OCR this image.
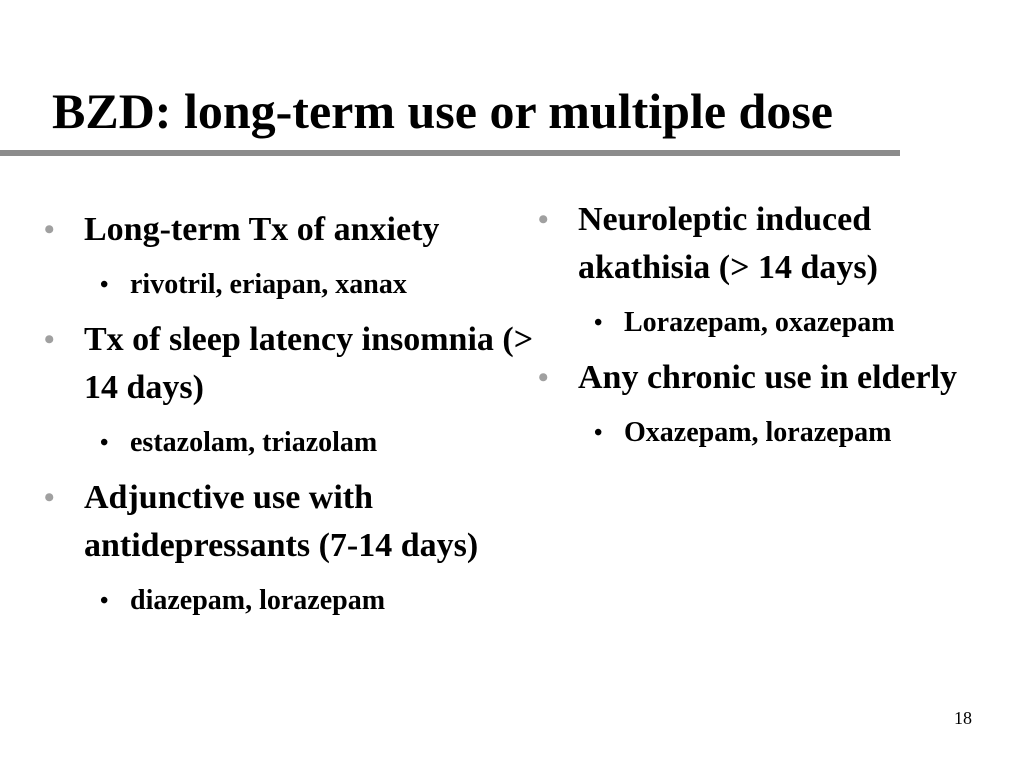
BZD: long-term use or multiple dose
• Long-term Tx of anxiety
• rivotril, eriapan, xanax
• Tx of sleep latency insomnia (> 14 days)
• estazolam, triazolam
• Adjunctive use with antidepressants (7-14 days)
• diazepam, lorazepam
• Neuroleptic induced akathisia (> 14 days)
• Lorazepam, oxazepam
• Any chronic use in elderly
• Oxazepam, lorazepam
18
